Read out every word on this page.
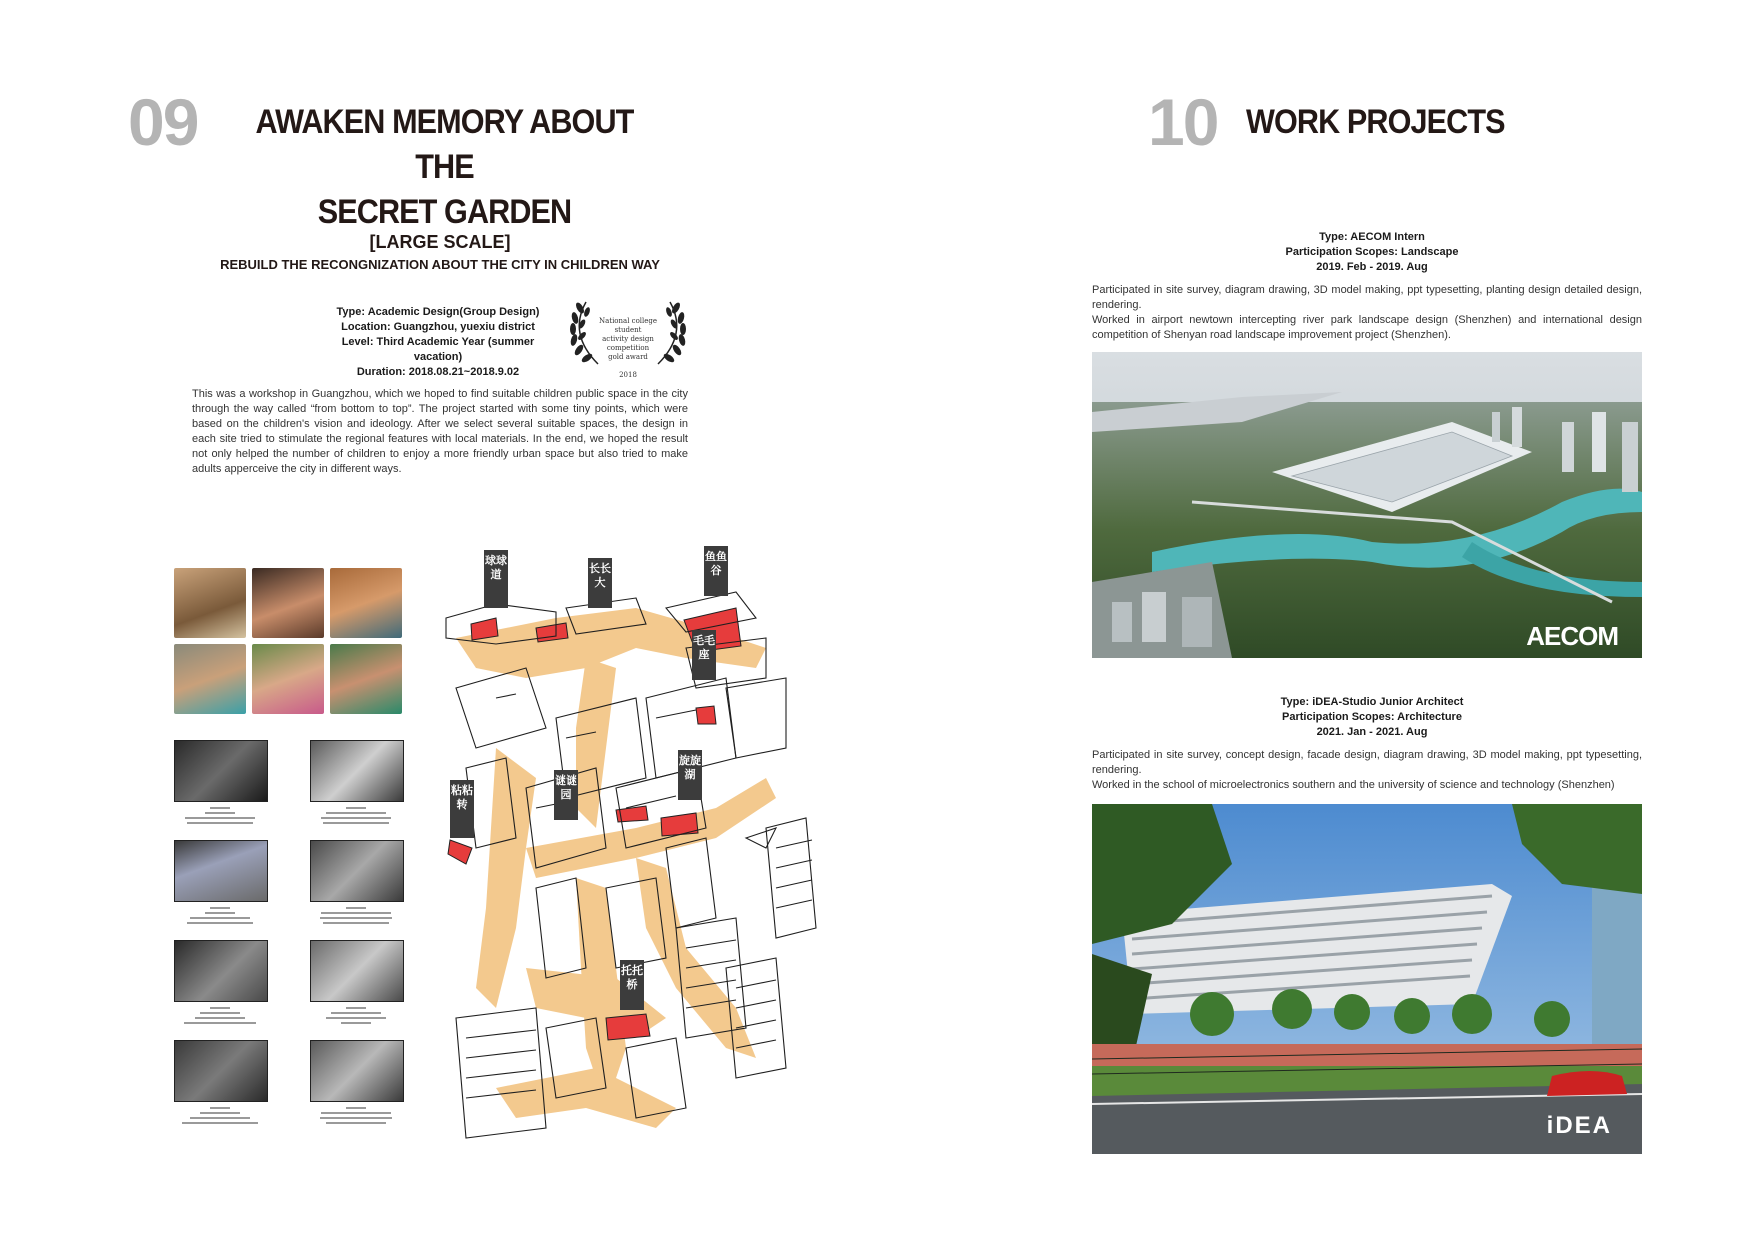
09	AWAKEN MEMORY ABOUT THE
SECRET GARDEN
[LARGE SCALE]
REBUILD THE RECONGNIZATION ABOUT THE CITY IN CHILDREN WAY
Type: Academic Design(Group Design)
Location: Guangzhou, yuexiu district
Level: Third Academic Year (summer vacation)
Duration: 2018.08.21~2018.9.02
National college student
activity design competition
gold award
2018
This was a workshop in Guangzhou, which we hoped to find suitable children public space in the city through the way called “from bottom to top”. The project started with some tiny points, which were based on the children's vision and ideology. After we select several suitable spaces, the design in each site tried to stimulate the regional features with local materials. In the end, we hoped the result not only helped the number of children to enjoy a more friendly urban space but also tried to make adults apperceive the city in different ways.
球球道	长长大
鱼鱼谷
毛毛座
谜谜园
旋旋湖
粘粘转
托托桥
10 WORK PROJECTS
Type: AECOM Intern
Participation Scopes: Landscape
2019. Feb - 2019. Aug
Participated in site survey, diagram drawing, 3D model making, ppt typesetting, planting design detailed design, rendering.
Worked in airport newtown intercepting river park landscape design (Shenzhen) and international design competition of Shenyan road landscape improvement project (Shenzhen).
AECOM
Type: iDEA-Studio Junior Architect
Participation Scopes: Architecture
2021. Jan - 2021. Aug
Participated in site survey, concept design, facade design, diagram drawing, 3D model making, ppt typesetting, rendering.
Worked in the school of microelectronics southern and the university of science and technology (Shenzhen)
iDEA
